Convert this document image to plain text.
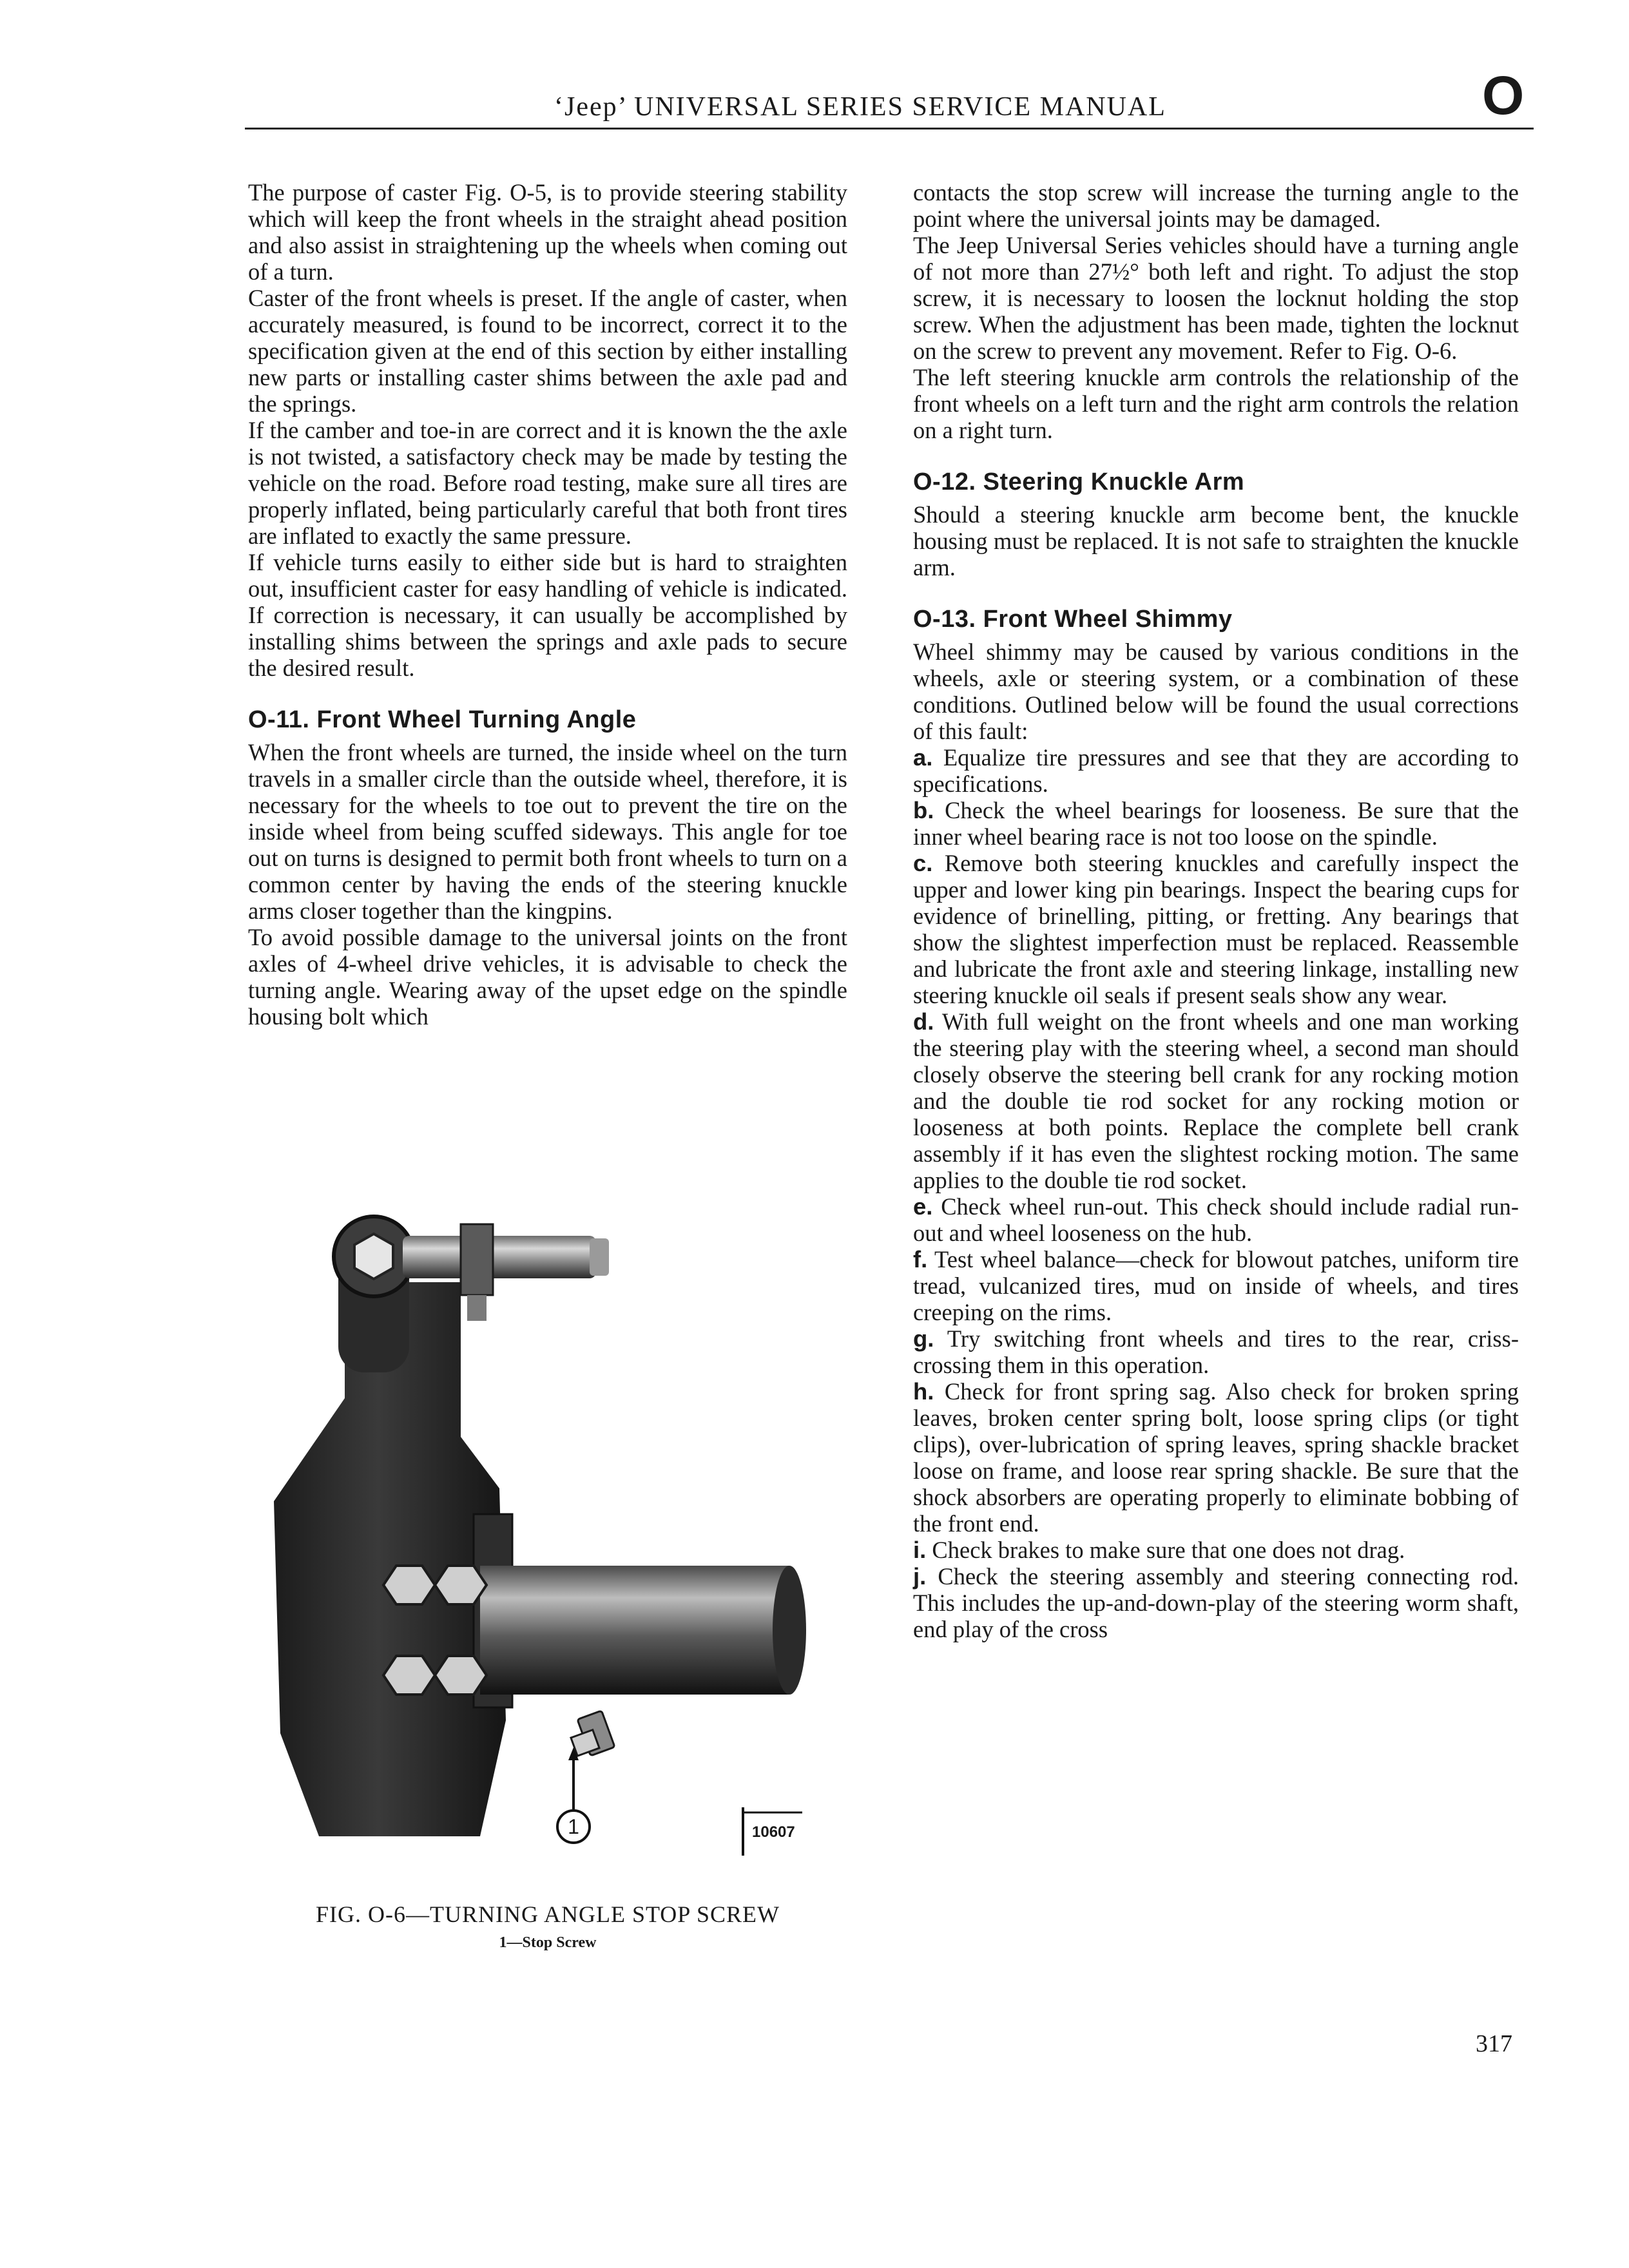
‘Jeep’ UNIVERSAL SERIES SERVICE MANUAL	O

The purpose of caster Fig. O-5, is to provide steering stability which will keep the front wheels in the straight ahead position and also assist in straightening up the wheels when coming out of a turn.

Caster of the front wheels is preset. If the angle of caster, when accurately measured, is found to be incorrect, correct it to the specification given at the end of this section by either installing new parts or installing caster shims between the axle pad and the springs.

If the camber and toe-in are correct and it is known the the axle is not twisted, a satisfactory check may be made by testing the vehicle on the road. Before road testing, make sure all tires are properly inflated, being particularly careful that both front tires are inflated to exactly the same pressure.

If vehicle turns easily to either side but is hard to straighten out, insufficient caster for easy handling of vehicle is indicated. If correction is necessary, it can usually be accomplished by installing shims between the springs and axle pads to secure the desired result.

O-11. Front Wheel Turning Angle

When the front wheels are turned, the inside wheel on the turn travels in a smaller circle than the outside wheel, therefore, it is necessary for the wheels to toe out to prevent the tire on the inside wheel from being scuffed sideways. This angle for toe out on turns is designed to permit both front wheels to turn on a common center by having the ends of the steering knuckle arms closer together than the kingpins.

To avoid possible damage to the universal joints on the front axles of 4-wheel drive vehicles, it is advisable to check the turning angle. Wearing away of the upset edge on the spindle housing bolt which

1	10607
FIG. O-6—TURNING ANGLE STOP SCREW
1—Stop Screw

contacts the stop screw will increase the turning angle to the point where the universal joints may be damaged.

The Jeep Universal Series vehicles should have a turning angle of not more than 27½° both left and right. To adjust the stop screw, it is necessary to loosen the locknut holding the stop screw. When the adjustment has been made, tighten the locknut on the screw to prevent any movement. Refer to Fig. O-6.

The left steering knuckle arm controls the relationship of the front wheels on a left turn and the right arm controls the relation on a right turn.

O-12. Steering Knuckle Arm

Should a steering knuckle arm become bent, the knuckle housing must be replaced. It is not safe to straighten the knuckle arm.

O-13. Front Wheel Shimmy

Wheel shimmy may be caused by various conditions in the wheels, axle or steering system, or a combination of these conditions. Outlined below will be found the usual corrections of this fault:

a. Equalize tire pressures and see that they are according to specifications.

b. Check the wheel bearings for looseness. Be sure that the inner wheel bearing race is not too loose on the spindle.

c. Remove both steering knuckles and carefully inspect the upper and lower king pin bearings. Inspect the bearing cups for evidence of brinelling, pitting, or fretting. Any bearings that show the slightest imperfection must be replaced. Reassemble and lubricate the front axle and steering linkage, installing new steering knuckle oil seals if present seals show any wear.

d. With full weight on the front wheels and one man working the steering play with the steering wheel, a second man should closely observe the steering bell crank for any rocking motion and the double tie rod socket for any rocking motion or looseness at both points. Replace the complete bell crank assembly if it has even the slightest rocking motion. The same applies to the double tie rod socket.

e. Check wheel run-out. This check should include radial run-out and wheel looseness on the hub.

f. Test wheel balance—check for blowout patches, uniform tire tread, vulcanized tires, mud on inside of wheels, and tires creeping on the rims.

g. Try switching front wheels and tires to the rear, criss-crossing them in this operation.

h. Check for front spring sag. Also check for broken spring leaves, broken center spring bolt, loose spring clips (or tight clips), over-lubrication of spring leaves, spring shackle bracket loose on frame, and loose rear spring shackle. Be sure that the shock absorbers are operating properly to eliminate bobbing of the front end.

i. Check brakes to make sure that one does not drag.

j. Check the steering assembly and steering connecting rod. This includes the up-and-down-play of the steering worm shaft, end play of the cross

317
